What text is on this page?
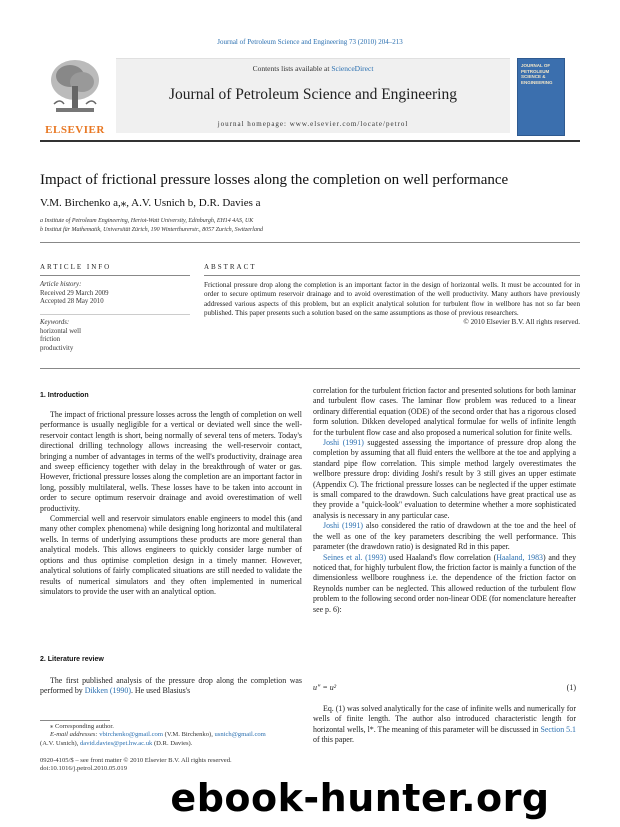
Journal of Petroleum Science and Engineering 73 (2010) 204–213
ELSEVIER
Contents lists available at ScienceDirect
Journal of Petroleum Science and Engineering
journal homepage: www.elsevier.com/locate/petrol
JOURNAL OF
PETROLEUM
SCIENCE &
ENGINEERING
Impact of frictional pressure losses along the completion on well performance
V.M. Birchenko a,⁎, A.V. Usnich b, D.R. Davies a
a Institute of Petroleum Engineering, Heriot-Watt University, Edinburgh, EH14 4AS, UK
b Institut für Mathematik, Universität Zürich, 190 Winterthurerstr., 8057 Zurich, Switzerland
ARTICLE INFO
Article history:
Received 29 March 2009
Accepted 28 May 2010
Keywords:
horizontal well
friction
productivity
ABSTRACT
Frictional pressure drop along the completion is an important factor in the design of horizontal wells. It must be accounted for in order to secure optimum reservoir drainage and to avoid overestimation of the well productivity. Many authors have previously addressed various aspects of this problem, but an explicit analytical solution for turbulent flow in wellbore has not so far been published. This paper presents such a solution based on the same assumptions as those of previous researchers.
© 2010 Elsevier B.V. All rights reserved.
1. Introduction

The impact of frictional pressure losses across the length of completion on well performance is usually negligible for a vertical or deviated well since the well-reservoir contact length is short, being normally of several tens of meters. Today's directional drilling technology allows increasing the well-reservoir contact, bringing a number of advantages in terms of the well's productivity, drainage area and sweep efficiency together with delay in the breakthrough of water or gas. However, frictional pressure losses along the completion are an important factor in long, possibly multilateral, wells. These losses have to be taken into account in order to secure optimum reservoir drainage and avoid overestimation of well productivity.

Commercial well and reservoir simulators enable engineers to model this (and many other complex phenomena) while designing long horizontal and multilateral wells. In terms of underlying assumptions these products are more general than analytical models. This allows engineers to quickly consider large number of options and thus optimise completion design in a timely manner. However, analytical solutions of fairly complicated situations are still needed to validate the results of numerical simulators and they often implemented in numerical simulators to provide the user with an analytical option.

2. Literature review

The first published analysis of the pressure drop along the completion was performed by Dikken (1990). He used Blasius's

correlation for the turbulent friction factor and presented solutions for both laminar and turbulent flow cases. The laminar flow problem was reduced to a linear ordinary differential equation (ODE) of the second order that has a rigorous closed form solution. Dikken developed analytical formulae for wells of infinite length for the turbulent flow case and also proposed a numerical solution for finite wells.

Joshi (1991) suggested assessing the importance of pressure drop along the completion by assuming that all fluid enters the wellbore at the toe and applying a standard pipe flow correlation. This simple method largely overestimates the wellbore pressure drop: dividing Joshi's result by 3 still gives an upper estimate (Appendix C). The frictional pressure losses can be neglected if the upper estimate is small compared to the drawdown. Such calculations have great practical use as they provide a "quick-look" evaluation to determine whether a more sophisticated analysis is necessary in any particular case.

Joshi (1991) also considered the ratio of drawdown at the toe and the heel of the well as one of the key parameters describing the well performance. This parameter (the drawdown ratio) is designated Rd in this paper.

Seines et al. (1993) used Haaland's flow correlation (Haaland, 1983) and they noticed that, for highly turbulent flow, the friction factor is mainly a function of the dimensionless wellbore roughness i.e. the dependence of the friction factor on Reynolds number can be neglected. This allowed reduction of the turbulent flow problem to the following second order non-linear ODE (for nomenclature hereafter see p. 6):

u″ = u²	(1)

Eq. (1) was solved analytically for the case of infinite wells and numerically for wells of finite length. The author also introduced characteristic length for horizontal wells, l*. The meaning of this parameter will be discussed in Section 5.1 of this paper.

⁎ Corresponding author.
E-mail addresses: vbirchenko@gmail.com (V.M. Birchenko), usnich@gmail.com
(A.V. Usnich), david.davies@pet.hw.ac.uk (D.R. Davies).
0920-4105/$ – see front matter © 2010 Elsevier B.V. All rights reserved.
doi:10.1016/j.petrol.2010.05.019
ebook-hunter.org
